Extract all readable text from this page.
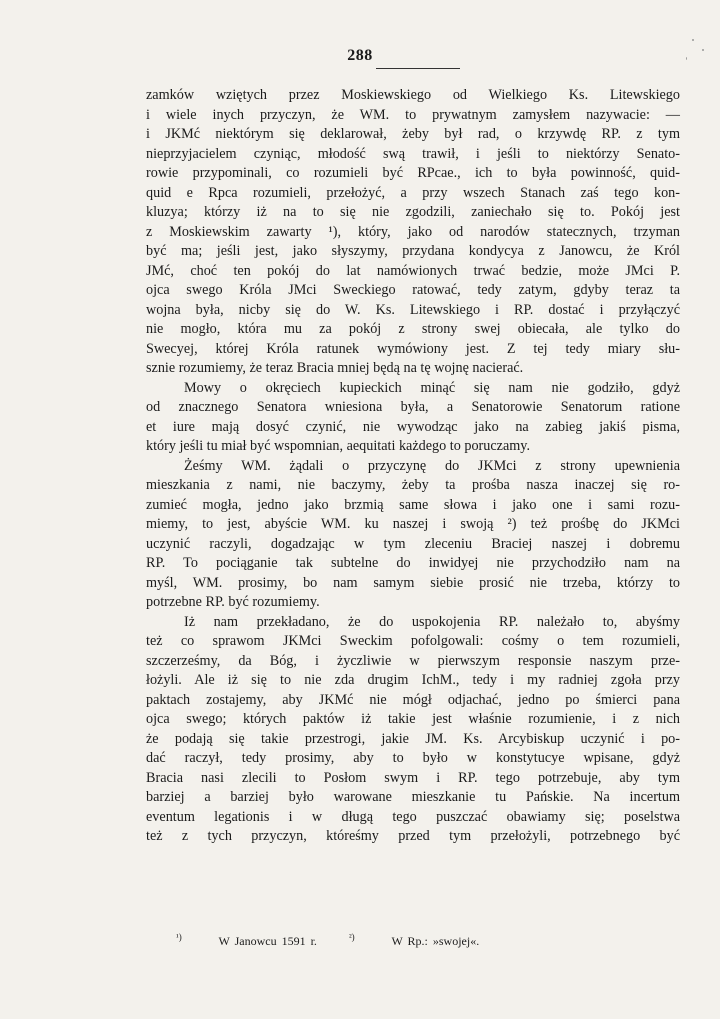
288
zamków wziętych przez Moskiewskiego od Wielkiego Ks. Litewskiego
i wiele inych przyczyn, że WM. to prywatnym zamysłem nazywacie: —
i JKMć niektórym się deklarował, żeby był rad, o krzywdę RP. z tym
nieprzyjacielem czyniąc, młodość swą trawił, i jeśli to niektórzy Senato-
rowie przypominali, co rozumieli być RPcae., ich to była powinność, quid-
quid e Rpca rozumieli, przełożyć, a przy wszech Stanach zaś tego kon-
kluzya; którzy iż na to się nie zgodzili, zaniechało się to. Pokój jest
z Moskiewskim zawarty ¹), który, jako od narodów statecznych, trzyman
być ma; jeśli jest, jako słyszymy, przydana kondycya z Janowcu, że Król
JMć, choć ten pokój do lat namówionych trwać bedzie, może JMci P.
ojca swego Króla JMci Sweckiego ratować, tedy zatym, gdyby teraz ta
wojna była, nicby się do W. Ks. Litewskiego i RP. dostać i przyłączyć
nie mogło, która mu za pokój z strony swej obiecała, ale tylko do
Swecyej, której Króla ratunek wymówiony jest. Z tej tedy miary słu-
sznie rozumiemy, że teraz Bracia mniej będą na tę wojnę nacierać.
Mowy o okręciech kupieckich minąć się nam nie godziło, gdyż
od znacznego Senatora wniesiona była, a Senatorowie Senatorum ratione
et iure mają dosyć czynić, nie wywodząc jako na zabieg jakiś pisma,
który jeśli tu miał być wspomnian, aequitati każdego to poruczamy.
Żeśmy WM. żądali o przyczynę do JKMci z strony upewnienia
mieszkania z nami, nie baczymy, żeby ta prośba nasza inaczej się ro-
zumieć mogła, jedno jako brzmią same słowa i jako one i sami rozu-
miemy, to jest, abyście WM. ku naszej i swoją ²) też prośbę do JKMci
uczynić raczyli, dogadzając w tym zleceniu Braciej naszej i dobremu
RP. To pociąganie tak subtelne do inwidyej nie przychodziło nam na
myśl, WM. prosimy, bo nam samym siebie prosić nie trzeba, którzy to
potrzebne RP. być rozumiemy.
Iż nam przekładano, że do uspokojenia RP. należało to, abyśmy
też co sprawom JKMci Sweckim pofolgowali: cośmy o tem rozumieli,
szczerześmy, da Bóg, i życzliwie w pierwszym responsie naszym prze-
łożyli. Ale iż się to nie zda drugim IchM., tedy i my radniej zgoła przy
paktach zostajemy, aby JKMć nie mógł odjachać, jedno po śmierci pana
ojca swego; których paktów iż takie jest właśnie rozumienie, i z nich
że podają się takie przestrogi, jakie JM. Ks. Arcybiskup uczynić i po-
dać raczył, tedy prosimy, aby to było w konstytucye wpisane, gdyż
Bracia nasi zlecili to Posłom swym i RP. tego potrzebuje, aby tym
barziej a barziej było warowane mieszkanie tu Pańskie. Na incertum
eventum legationis i w długą tego puszczać obawiamy się; poselstwa
też z tych przyczyn, któreśmy przed tym przełożyli, potrzebnego być
$^{^1)}$	W Janowcu 1591 r.	$^{^2)}$	W Rp.: »swojej«.
